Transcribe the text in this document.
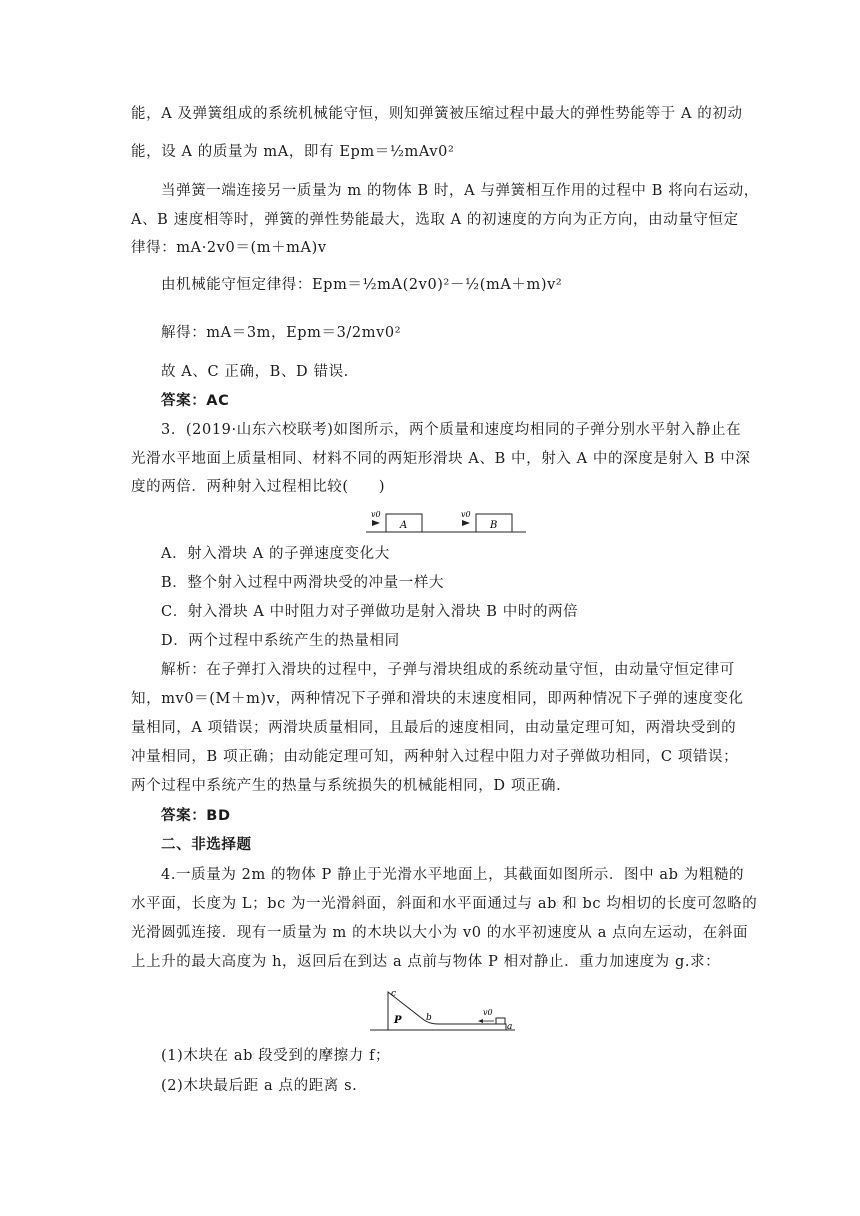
能，A 及弹簧组成的系统机械能守恒，则知弹簧被压缩过程中最大的弹性势能等于 A 的初动
能，设 A 的质量为 mA，即有 Epm＝½mAv0²
当弹簧一端连接另一质量为 m 的物体 B 时，A 与弹簧相互作用的过程中 B 将向右运动，
A、B 速度相等时，弹簧的弹性势能最大，选取 A 的初速度的方向为正方向，由动量守恒定
律得：mA·2v0＝(m＋mA)v
由机械能守恒定律得：Epm＝½mA(2v0)²－½(mA＋m)v²
解得：mA＝3m，Epm＝3/2mv0²
故 A、C 正确，B、D 错误.
答案：AC
3．(2019·山东六校联考)如图所示，两个质量和速度均相同的子弹分别水平射入静止在
光滑水平地面上质量相同、材料不同的两矩形滑块 A、B 中，射入 A 中的深度是射入 B 中深
度的两倍．两种射入过程相比较(　　)
v0	v0
A	B
A．射入滑块 A 的子弹速度变化大
B．整个射入过程中两滑块受的冲量一样大
C．射入滑块 A 中时阻力对子弹做功是射入滑块 B 中时的两倍
D．两个过程中系统产生的热量相同
解析：在子弹打入滑块的过程中，子弹与滑块组成的系统动量守恒，由动量守恒定律可
知，mv0＝(M＋m)v，两种情况下子弹和滑块的末速度相同，即两种情况下子弹的速度变化
量相同，A 项错误；两滑块质量相同，且最后的速度相同，由动量定理可知，两滑块受到的
冲量相同，B 项正确；由动能定理可知，两种射入过程中阻力对子弹做功相同，C 项错误；
两个过程中系统产生的热量与系统损失的机械能相同，D 项正确.
答案：BD
二、非选择题
4.一质量为 2m 的物体 P 静止于光滑水平地面上，其截面如图所示．图中 ab 为粗糙的
水平面，长度为 L；bc 为一光滑斜面，斜面和水平面通过与 ab 和 bc 均相切的长度可忽略的
光滑圆弧连接．现有一质量为 m 的木块以大小为 v0 的水平初速度从 a 点向左运动，在斜面
上上升的最大高度为 h，返回后在到达 a 点前与物体 P 相对静止．重力加速度为 g.求：
c
P	b
v0
a
(1)木块在 ab 段受到的摩擦力 f；
(2)木块最后距 a 点的距离 s.
